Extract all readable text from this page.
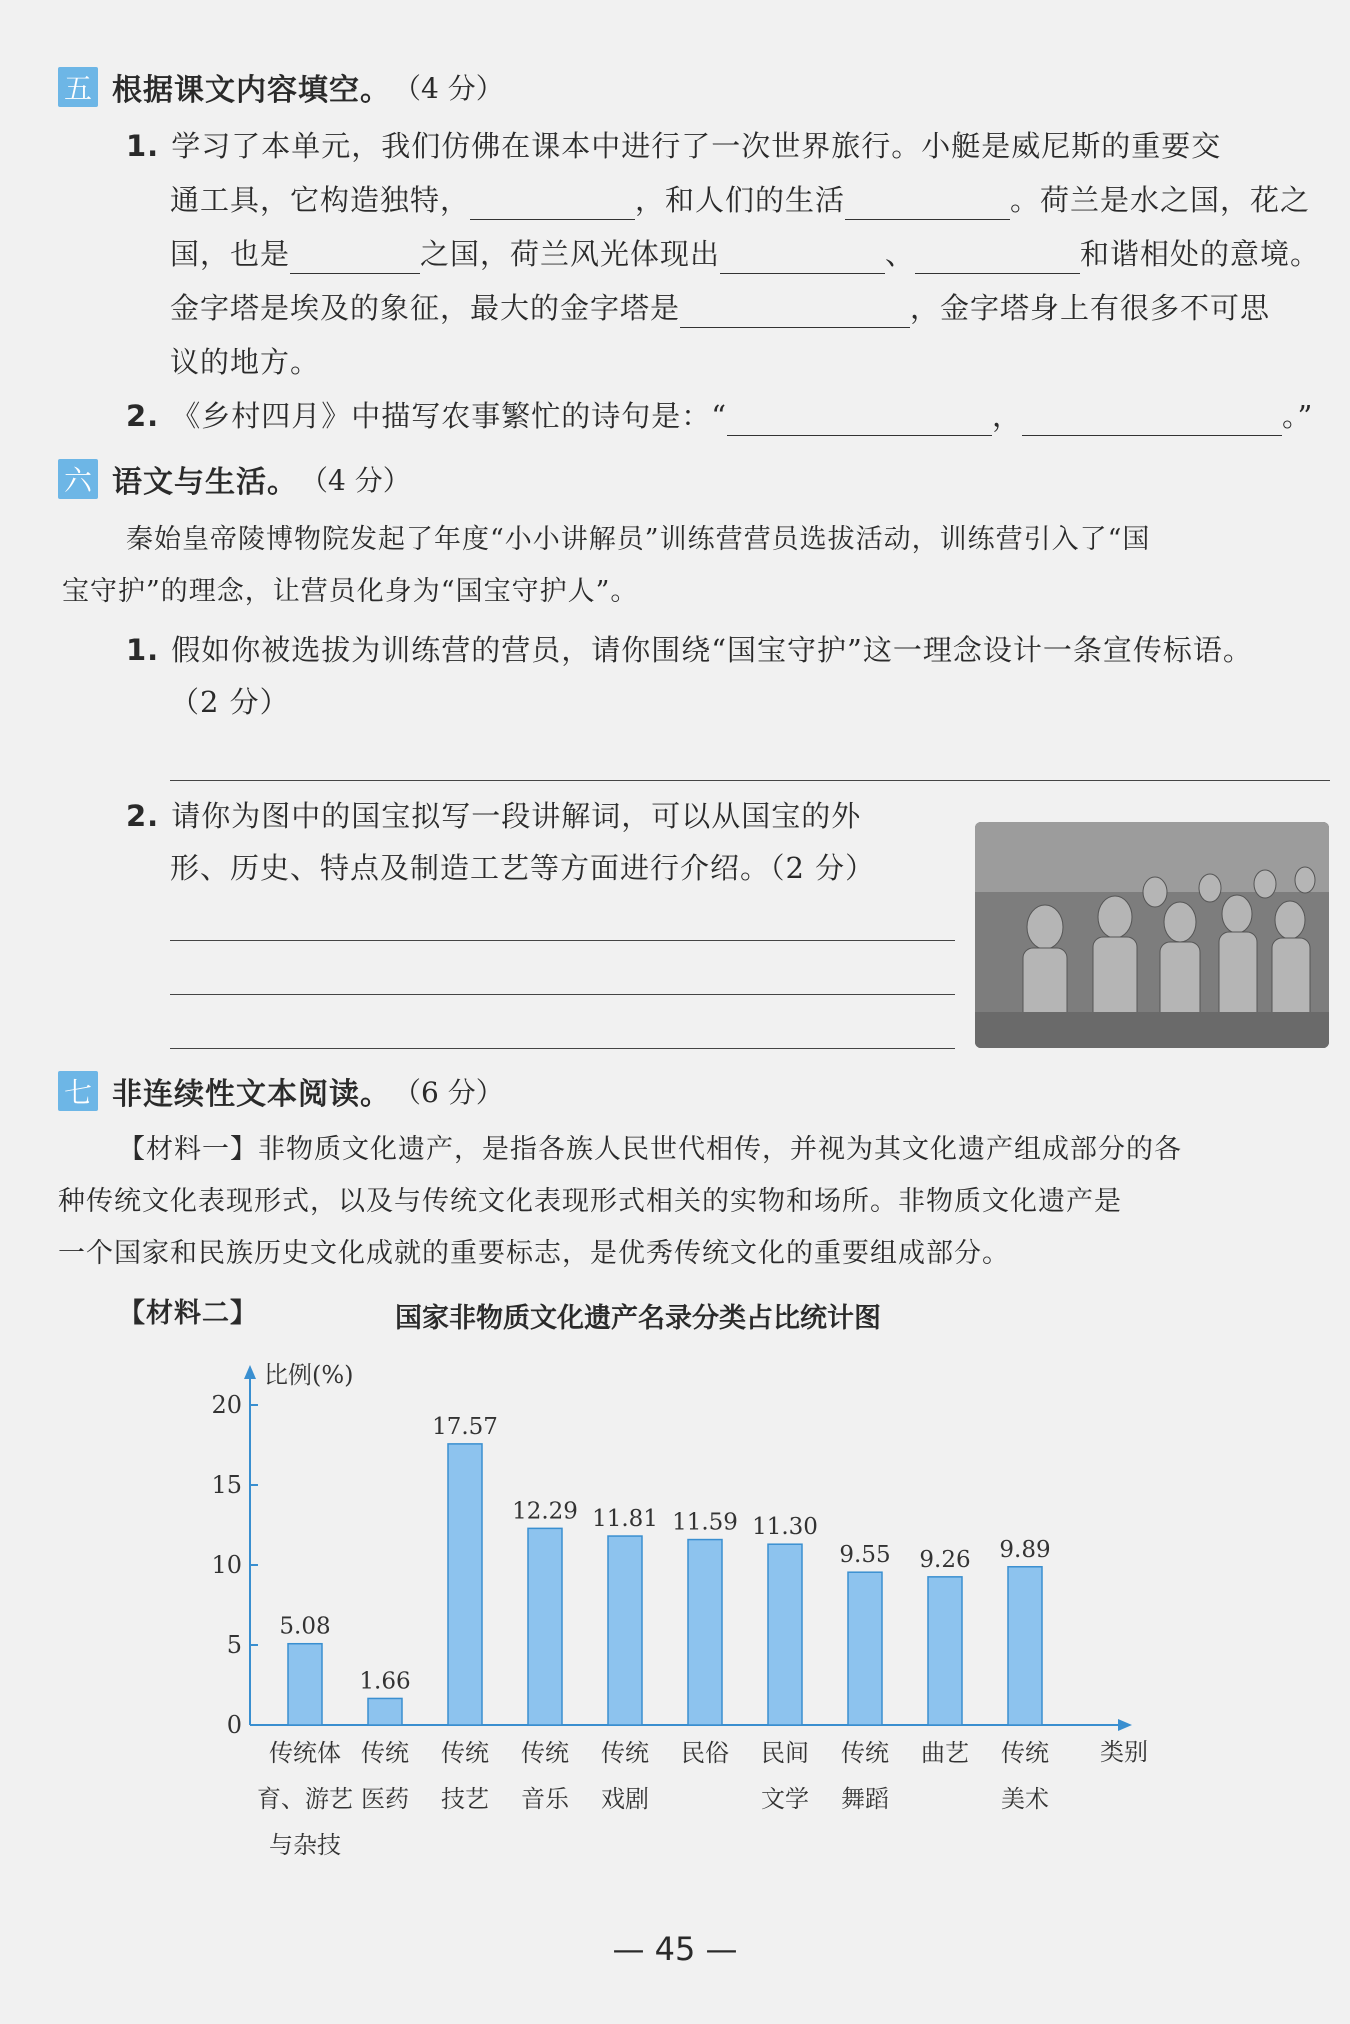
五 根据课文内容填空。 （4 分）
1. 学习了本单元，我们仿佛在课本中进行了一次世界旅行。小艇是威尼斯的重要交
通工具，它构造独特，	，和人们的生活	。荷兰是水之国，花之
国，也是	之国，荷兰风光体现出	、	和谐相处的意境。
金字塔是埃及的象征，最大的金字塔是	，金字塔身上有很多不可思
议的地方。
2. 《乡村四月》中描写农事繁忙的诗句是：“	，	。”
六 语文与生活。 （4 分）
秦始皇帝陵博物院发起了年度“小小讲解员”训练营营员选拔活动，训练营引入了“国
宝守护”的理念，让营员化身为“国宝守护人”。
1. 假如你被选拔为训练营的营员，请你围绕“国宝守护”这一理念设计一条宣传标语。
（2 分）
2. 请你为图中的国宝拟写一段讲解词，可以从国宝的外
形、历史、特点及制造工艺等方面进行介绍。（2 分）
七 非连续性文本阅读。 （6 分）
【材料一】非物质文化遗产，是指各族人民世代相传，并视为其文化遗产组成部分的各
种传统文化表现形式，以及与传统文化表现形式相关的实物和场所。非物质文化遗产是
一个国家和民族历史文化成就的重要标志，是优秀传统文化的重要组成部分。
【材料二】	国家非物质文化遗产名录分类占比统计图
比例(%)
类别
0
5
10
15
20
5.08
传统体
育、游艺
与杂技
1.66
传统
医药
17.57
传统
技艺
12.29
传统
音乐
11.81
传统
戏剧
11.59
民俗
11.30
民间
文学
9.55
传统
舞蹈
9.26
曲艺
9.89
传统
美术
— 45 —
